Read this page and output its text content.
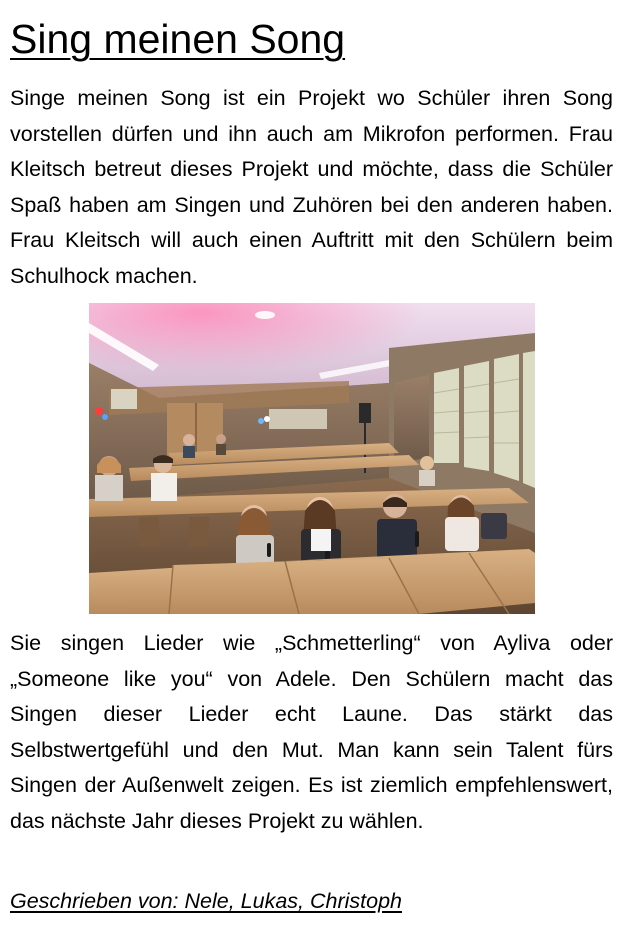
Sing meinen Song

Singe meinen Song ist ein Projekt wo Schüler ihren Song vorstellen dürfen und ihn auch am Mikrofon performen. Frau Kleitsch betreut dieses Projekt und möchte, dass die Schüler Spaß haben am Singen und Zuhören bei den anderen haben. Frau Kleitsch will auch einen Auftritt mit den Schülern beim Schulhock machen.

Sie singen Lieder wie „Schmetterling“ von Ayliva oder „Someone like you“ von Adele. Den Schülern macht das Singen dieser Lieder echt Laune. Das stärkt das Selbstwertgefühl und den Mut. Man kann sein Talent fürs Singen der Außenwelt zeigen. Es ist ziemlich empfehlenswert, das nächste Jahr dieses Projekt zu wählen.

Geschrieben von: Nele, Lukas, Christoph
